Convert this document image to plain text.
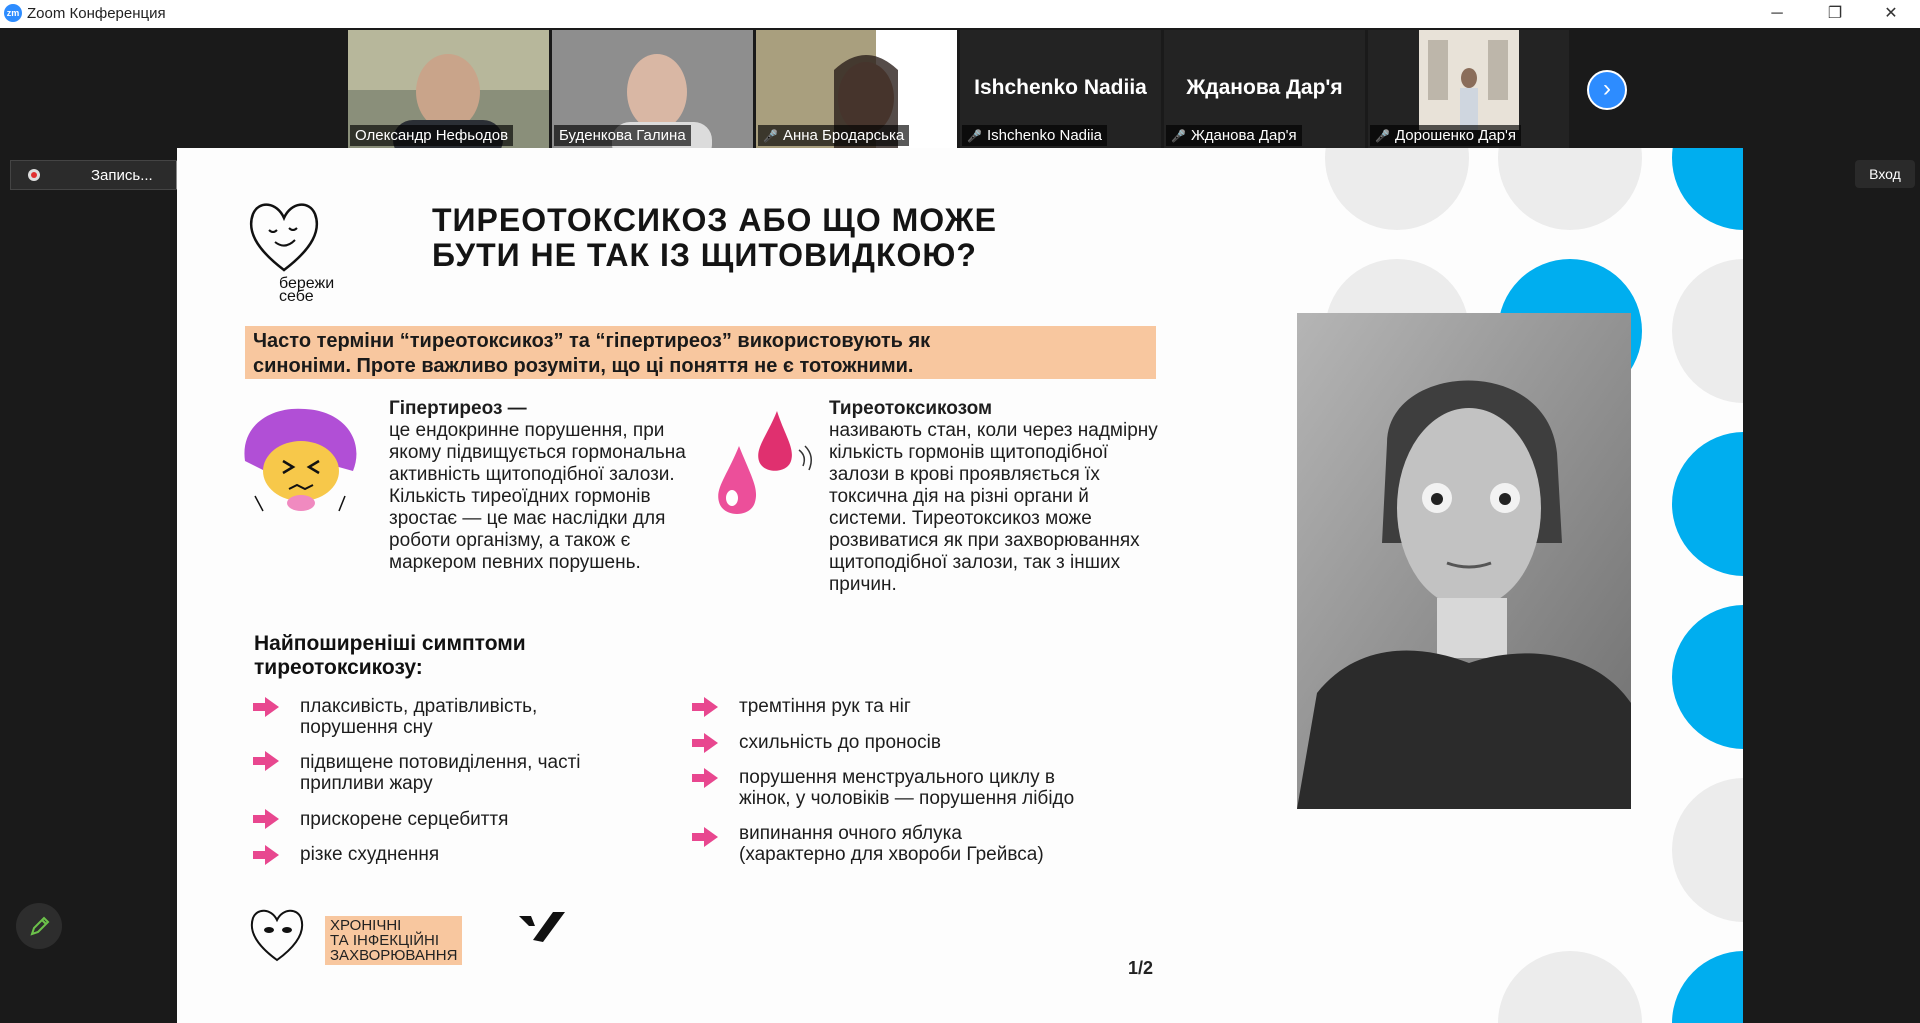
zm Zoom Конференция	─	❐	✕
Олександр Нефьодов	Буденкова Галина	🎤 Анна Бродарська
Ishchenko Nadiia
🎤 Ishchenko Nadiia
Жданова Дар'я
🎤 Жданова Дар'я	🎤 Дорошенко Дар'я
›
Запись...	Вход
бережи
себе
ТИРЕОТОКСИКОЗ АБО ЩО МОЖЕ
БУТИ НЕ ТАК ІЗ ЩИТОВИДКОЮ?
Часто терміни “тиреотоксикоз” та “гіпертиреоз” використовують як
синоніми. Проте важливо розуміти, що ці поняття не є тотожними.
Гіпертиреоз —
це ендокринне порушення, при якому підвищується гормональна активність щитоподібної залози. Кількість тиреоїдних гормонів зростає — це має наслідки для роботи організму, а також є маркером певних порушень.
Тиреотоксикозом
називають стан, коли через надмірну кількість гормонів щитоподібної залози в крові проявляється їх токсична дія на різні органи й системи. Тиреотоксикоз може розвиватися як при захворюваннях щитоподібної залози, так з інших причин.
Найпоширеніші симптоми
тиреотоксикозу:
плаксивість, дратівливість,
порушення сну
підвищене потовиділення, часті
припливи жару
прискорене серцебиття
різке схуднення
тремтіння рук та ніг
схильність до проносів
порушення менструального циклу в
жінок, у чоловіків — порушення лібідо
випинання очного яблука
(характерно для хвороби Грейвса)
ХРОНІЧНІ
ТА ІНФЕКЦІЙНІ
ЗАХВОРЮВАННЯ
1/2
